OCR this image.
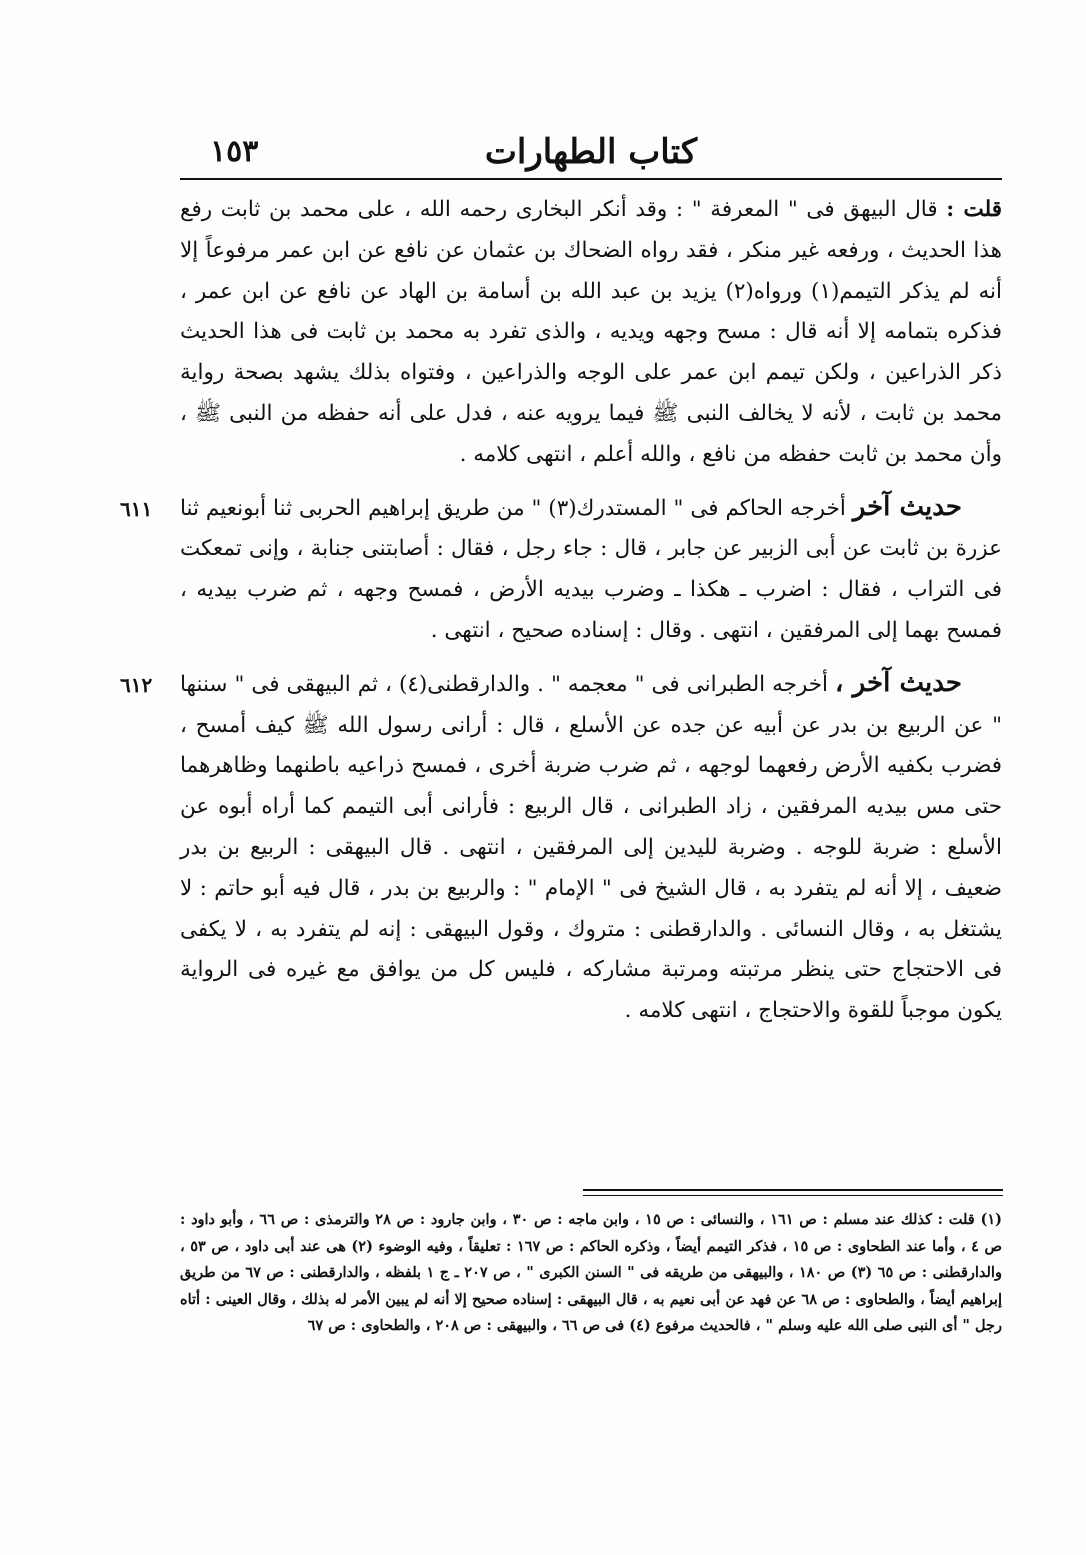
كتاب الطهارات
١٥٣

قلت : قال البيهق فى " المعرفة " : وقد أنكر البخارى رحمه الله ، على محمد بن ثابت رفع هذا الحديث ، ورفعه غير منكر ، فقد رواه الضحاك بن عثمان عن نافع عن ابن عمر مرفوعاً إلا أنه لم يذكر التيمم(١) ورواه(٢) يزيد بن عبد الله بن أسامة بن الهاد عن نافع عن ابن عمر ، فذكره بتمامه إلا أنه قال : مسح وجهه ويديه ، والذى تفرد به محمد بن ثابت فى هذا الحديث ذكر الذراعين ، ولكن تيمم ابن عمر على الوجه والذراعين ، وفتواه بذلك يشهد بصحة رواية محمد بن ثابت ، لأنه لا يخالف النبى ﷺ فيما يرويه عنه ، فدل على أنه حفظه من النبى ﷺ ، وأن محمد بن ثابت حفظه من نافع ، والله أعلم ، انتهى كلامه .

٦١١	حديث آخر أخرجه الحاكم فى " المستدرك(٣) " من طريق إبراهيم الحربى ثنا أبونعيم ثنا عزرة بن ثابت عن أبى الزبير عن جابر ، قال : جاء رجل ، فقال : أصابتنى جنابة ، وإنى تمعكت فى التراب ، فقال : اضرب ـ هكذا ـ وضرب بيديه الأرض ، فمسح وجهه ، ثم ضرب بيديه ، فمسح بهما إلى المرفقين ، انتهى . وقال : إسناده صحيح ، انتهى .

٦١٢	حديث آخر ، أخرجه الطبرانى فى " معجمه " . والدارقطنى(٤) ، ثم البيهقى فى " سننها " عن الربيع بن بدر عن أبيه عن جده عن الأسلع ، قال : أرانى رسول الله ﷺ كيف أمسح ، فضرب بكفيه الأرض رفعهما لوجهه ، ثم ضرب ضربة أخرى ، فمسح ذراعيه باطنهما وظاهرهما حتى مس بيديه المرفقين ، زاد الطبرانى ، قال الربيع : فأرانى أبى التيمم كما أراه أبوه عن الأسلع : ضربة للوجه . وضربة لليدين إلى المرفقين ، انتهى . قال البيهقى : الربيع بن بدر ضعيف ، إلا أنه لم يتفرد به ، قال الشيخ فى " الإمام " : والربيع بن بدر ، قال فيه أبو حاتم : لا يشتغل به ، وقال النسائى . والدارقطنى : متروك ، وقول البيهقى : إنه لم يتفرد به ، لا يكفى فى الاحتجاج حتى ينظر مرتبته ومرتبة مشاركه ، فليس كل من يوافق مع غيره فى الرواية يكون موجباً للقوة والاحتجاج ، انتهى كلامه .

(١) قلت : كذلك عند مسلم : ص ١٦١ ، والنسائى : ص ١٥ ، وابن ماجه : ص ٣٠ ، وابن جارود : ص ٢٨ والترمذى : ص ٦٦ ، وأبو داود : ص ٤ ، وأما عند الطحاوى : ص ١٥ ، فذكر التيمم أيضاً ، وذكره الحاكم : ص ١٦٧ : تعليقاً ، وفيه الوضوء (٢) هى عند أبى داود ، ص ٥٣ ، والدارقطنى : ص ٦٥ (٣) ص ١٨٠ ، والبيهقى من طريقه فى " السنن الكبرى " ، ص ٢٠٧ ـ ج ١ بلفظه ، والدارقطنى : ص ٦٧ من طريق إبراهيم أيضاً ، والطحاوى : ص ٦٨ عن فهد عن أبى نعيم به ، قال البيهقى : إسناده صحيح إلا أنه لم يبين الأمر له بذلك ، وقال العينى : أتاه رجل " أى النبى صلى الله عليه وسلم " ، فالحديث مرفوع (٤) فى ص ٦٦ ، والبيهقى : ص ٢٠٨ ، والطحاوى : ص ٦٧
